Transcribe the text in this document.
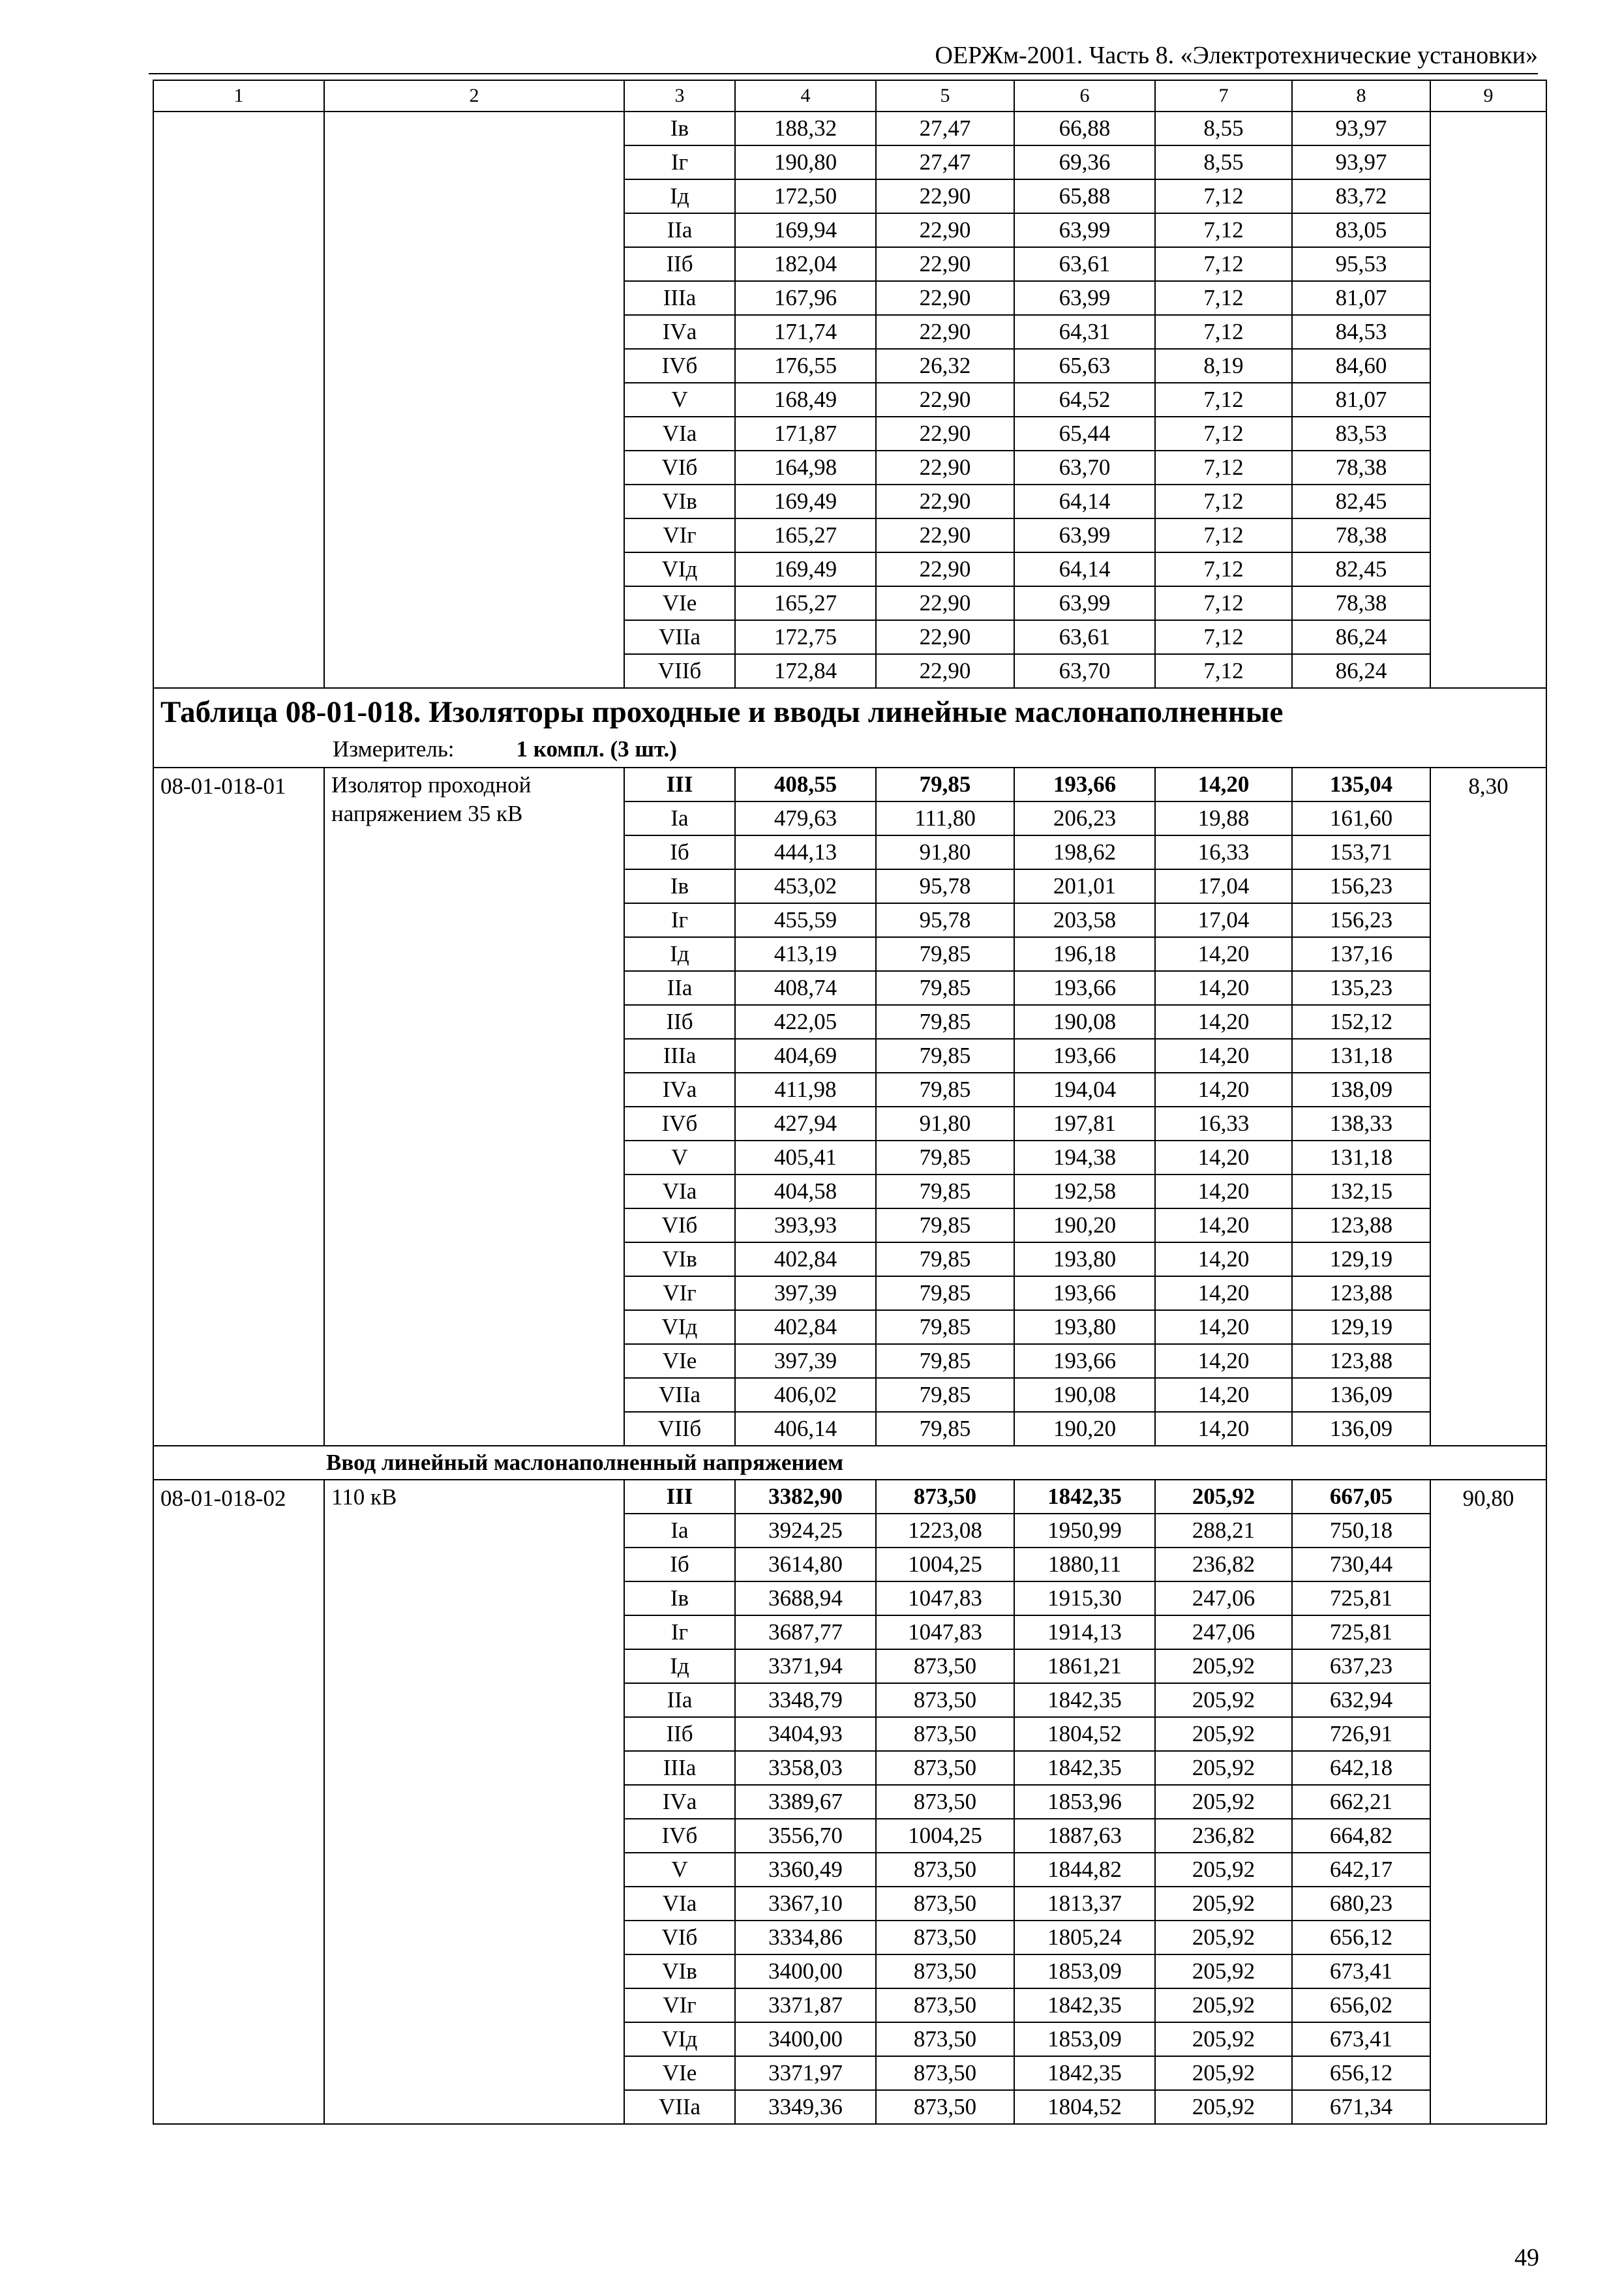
ОЕРЖм-2001. Часть 8. «Электротехнические установки»
1	2	3	4	5	6	7	8	9
		Iв	188,32	27,47	66,88	8,55	93,97	
		Iг	190,80	27,47	69,36	8,55	93,97	
		Iд	172,50	22,90	65,88	7,12	83,72	
		IIа	169,94	22,90	63,99	7,12	83,05	
		IIб	182,04	22,90	63,61	7,12	95,53	
		IIIа	167,96	22,90	63,99	7,12	81,07	
		IVа	171,74	22,90	64,31	7,12	84,53	
		IVб	176,55	26,32	65,63	8,19	84,60	
		V	168,49	22,90	64,52	7,12	81,07	
		VIа	171,87	22,90	65,44	7,12	83,53	
		VIб	164,98	22,90	63,70	7,12	78,38	
		VIв	169,49	22,90	64,14	7,12	82,45	
		VIг	165,27	22,90	63,99	7,12	78,38	
		VIд	169,49	22,90	64,14	7,12	82,45	
		VIе	165,27	22,90	63,99	7,12	78,38	
		VIIа	172,75	22,90	63,61	7,12	86,24	
		VIIб	172,84	22,90	63,70	7,12	86,24	

Таблица 08-01-018. Изоляторы проходные и вводы линейные маслонаполненные
Измеритель: 1 компл. (3 шт.)								

08-01-018-01	Изолятор проходной напряжением 35 кВ	III	408,55	79,85	193,66	14,20	135,04	8,30
		Iа	479,63	111,80	206,23	19,88	161,60	
		Iб	444,13	91,80	198,62	16,33	153,71	
		Iв	453,02	95,78	201,01	17,04	156,23	
		Iг	455,59	95,78	203,58	17,04	156,23	
		Iд	413,19	79,85	196,18	14,20	137,16	
		IIа	408,74	79,85	193,66	14,20	135,23	
		IIб	422,05	79,85	190,08	14,20	152,12	
		IIIа	404,69	79,85	193,66	14,20	131,18	
		IVа	411,98	79,85	194,04	14,20	138,09	
		IVб	427,94	91,80	197,81	16,33	138,33	
		V	405,41	79,85	194,38	14,20	131,18	
		VIа	404,58	79,85	192,58	14,20	132,15	
		VIб	393,93	79,85	190,20	14,20	123,88	
		VIв	402,84	79,85	193,80	14,20	129,19	
		VIг	397,39	79,85	193,66	14,20	123,88	
		VIд	402,84	79,85	193,80	14,20	129,19	
		VIе	397,39	79,85	193,66	14,20	123,88	
		VIIа	406,02	79,85	190,08	14,20	136,09	
		VIIб	406,14	79,85	190,20	14,20	136,09	
Ввод линейный маслонаполненный напряжением								
08-01-018-02	110 кВ	III	3382,90	873,50	1842,35	205,92	667,05	90,80
		Iа	3924,25	1223,08	1950,99	288,21	750,18	
		Iб	3614,80	1004,25	1880,11	236,82	730,44	
		Iв	3688,94	1047,83	1915,30	247,06	725,81	
		Iг	3687,77	1047,83	1914,13	247,06	725,81	
		Iд	3371,94	873,50	1861,21	205,92	637,23	
		IIа	3348,79	873,50	1842,35	205,92	632,94	
		IIб	3404,93	873,50	1804,52	205,92	726,91	
		IIIа	3358,03	873,50	1842,35	205,92	642,18	
		IVа	3389,67	873,50	1853,96	205,92	662,21	
		IVб	3556,70	1004,25	1887,63	236,82	664,82	
		V	3360,49	873,50	1844,82	205,92	642,17	
		VIа	3367,10	873,50	1813,37	205,92	680,23	
		VIб	3334,86	873,50	1805,24	205,92	656,12	
		VIв	3400,00	873,50	1853,09	205,92	673,41	
		VIг	3371,87	873,50	1842,35	205,92	656,02	
		VIд	3400,00	873,50	1853,09	205,92	673,41	
		VIе	3371,97	873,50	1842,35	205,92	656,12	
		VIIа	3349,36	873,50	1804,52	205,92	671,34	
49
